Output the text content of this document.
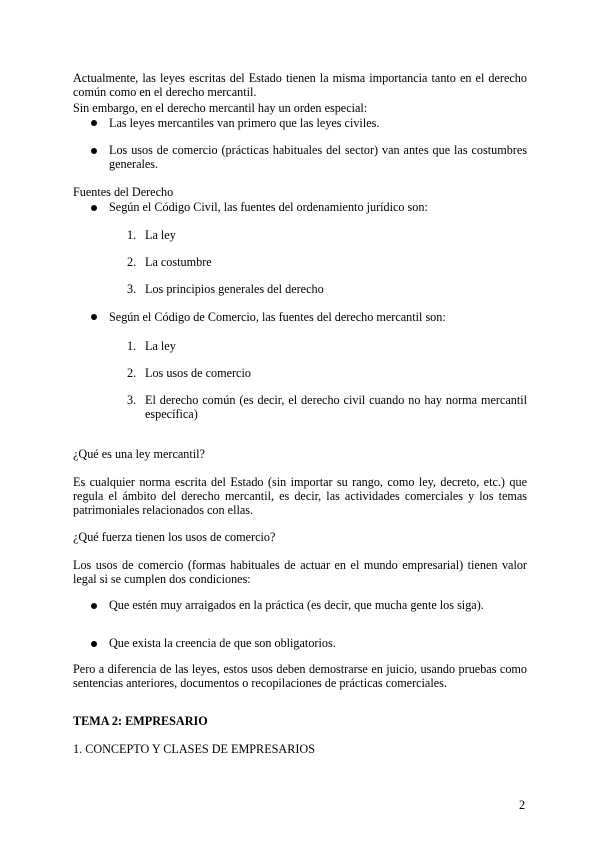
Actualmente, las leyes escritas del Estado tienen la misma importancia tanto en el derecho común como en el derecho mercantil.
Sin embargo, en el derecho mercantil hay un orden especial:
Las leyes mercantiles van primero que las leyes civiles.
Los usos de comercio (prácticas habituales del sector) van antes que las costumbres generales.
Fuentes del Derecho
Según el Código Civil, las fuentes del ordenamiento jurídico son:
1. La ley
2. La costumbre
3. Los principios generales del derecho
Según el Código de Comercio, las fuentes del derecho mercantil son:
1. La ley
2. Los usos de comercio
3. El derecho común (es decir, el derecho civil cuando no hay norma mercantil específica)
¿Qué es una ley mercantil?
Es cualquier norma escrita del Estado (sin importar su rango, como ley, decreto, etc.) que regula el ámbito del derecho mercantil, es decir, las actividades comerciales y los temas patrimoniales relacionados con ellas.
¿Qué fuerza tienen los usos de comercio?
Los usos de comercio (formas habituales de actuar en el mundo empresarial) tienen valor legal si se cumplen dos condiciones:
Que estén muy arraigados en la práctica (es decir, que mucha gente los siga).
Que exista la creencia de que son obligatorios.
Pero a diferencia de las leyes, estos usos deben demostrarse en juicio, usando pruebas como sentencias anteriores, documentos o recopilaciones de prácticas comerciales.
TEMA 2: EMPRESARIO
1. CONCEPTO Y CLASES DE EMPRESARIOS
2
